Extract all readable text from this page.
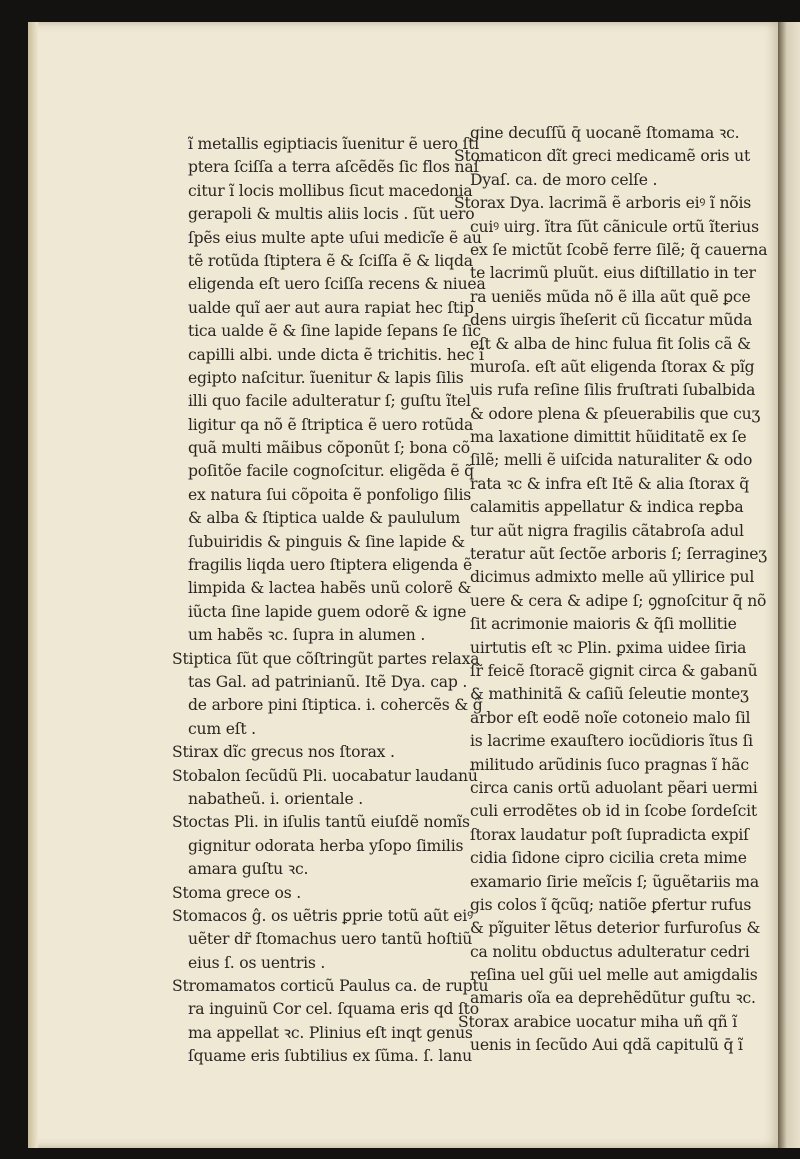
ĩ metallis egiptiacis ĩuenitur ẽ uero ſti
ptera ſciſſa a terra aſcẽdẽs ſic flos naſ
citur ĩ locis mollibus ſicut macedonia
gerapoli & multis aliis locis . ſũt uero
ſpẽs eius multe apte uſui medicĩe ẽ au
tẽ rotũda ſtiptera ẽ & ſciſſa ẽ & liqda
eligenda eſt uero ſciſſa recens & niuea
ualde quĩ aer aut aura rapiat hec ſtip
tica ualde ẽ & ſine lapide ſepans ſe ſic
capilli albi. unde dicta ẽ trichitis. hec ĩ
egipto naſcitur. ĩuenitur & lapis ſilis
illi quo facile adulteratur ſ; guſtu ĩtel
ligitur qa nõ ẽ ſtriptica ẽ uero rotũda
quã multi mãibus cõponũt ſ; bona cõ
poſitõe facile cognoſcitur. eligẽda ẽ q̃
ex natura ſui cõpoita ẽ ponfoligo ſilis
& alba & ſtiptica ualde & paululum
ſubuiridis & pinguis & ſine lapide &
fragilis liqda uero ſtiptera eligenda ẽ
limpida & lactea habẽs unũ colorẽ &
iũcta ſine lapide guem odorẽ & igne
um habẽs ꝛc. ſupra in alumen .
Stiptica ſũt que cõſtringũt partes relaxa
tas Gal. ad patrinianũ. Itẽ Dya. cap .
de arbore pini ſtiptica. i. cohercẽs & ĝ
cum eſt .
Stirax dĩc grecus nos ſtorax .
Stobalon ſecũdũ Pli. uocabatur laudanũ
nabatheũ. i. orientale .
Stoctas Pli. in iſulis tantũ eiuſdẽ nomĩs
gignitur odorata herba yſopo ſimilis
amara guſtu ꝛc.
Stoma grece os .
Stomacos ĝ. os uẽtris ꝑprie totũ aũt eiꝰ
uẽter dr̃ ſtomachus uero tantũ hoſtiũ
eius ſ. os uentris .
Stromamatos corticũ Paulus ca. de ruptu
ra inguinũ Cor cel. ſquama eris qd ſto
ma appellat ꝛc. Plinius eſt inqt genus
ſquame eris ſubtilius ex ſũma. ſ. lanu
gine decuſſũ q̄ uocanẽ ſtomama ꝛc.
Stomaticon dĩt greci medicamẽ oris ut
Dyaſ. ca. de moro celſe .
Storax Dya. lacrimã ẽ arboris eiꝰ ĩ nõis
cuiꝰ uirg. ĩtra ſũt cãnicule ortũ ĩterius
ex ſe mictũt ſcobẽ ferre ſilẽ; q̃ cauerna
te lacrimũ pluũt. eius diſtillatio in ter
ra ueniẽs mũda nõ ẽ illa aũt quẽ ꝑce
dens uirgis ĩheſerit cũ ſiccatur mũda
eſt & alba de hinc fulua fit ſolis cã &
muroſa. eſt aũt eligenda ſtorax & pĩg
uis rufa reſine ſilis fruſtrati ſubalbida
& odore plena & pſeuerabilis que cuʒ
ma laxatione dimittit hũiditatẽ ex ſe
ſilẽ; melli ẽ uiſcida naturaliter & odo
rata ꝛc & infra eſt Itẽ & alia ſtorax q̃
calamitis appellatur & indica reꝑba
tur aũt nigra fragilis cãtabroſa adul
teratur aũt ſectõe arboris ſ; ſerragineʒ
dicimus admixto melle aũ yllirice pul
uere & cera & adipe ſ; ꝯgnoſcitur q̄ nõ
ſit acrimonie maioris & q̃ſi mollitie
uirtutis eſt ꝛc Plin. ꝑxima uidee ſiria
ſr̃ feicẽ ſtoracẽ gignit circa & gabanũ
& mathinitã & caſiũ ſeleutie monteʒ
arbor eſt eodẽ noĩe cotoneio malo ſil
is lacrime exauſtero iocũdioris ĩtus ſi
militudo arũdinis ſuco pragnas ĩ hãc
circa canis ortũ aduolant pẽari uermi
culi errodẽtes ob id in ſcobe ſordeſcit
ſtorax laudatur poſt ſupradicta expiſ
cidia ſidone cipro cicilia creta mime
examario ſirie meĩcis ſ; ũguẽtariis ma
gis colos ĩ q̃cũq; natiõe ꝑfertur rufus
& pĩguiter lẽtus deterior furfuroſus &
ca nolitu obductus adulteratur cedri
reſina uel gũi uel melle aut amigdalis
amaris oĩa ea deprehẽdũtur guſtu ꝛc.
Storax arabice uocatur miha uñ qñ ĩ
uenis in ſecũdo Aui qdã capitulũ q̄ ĩ
